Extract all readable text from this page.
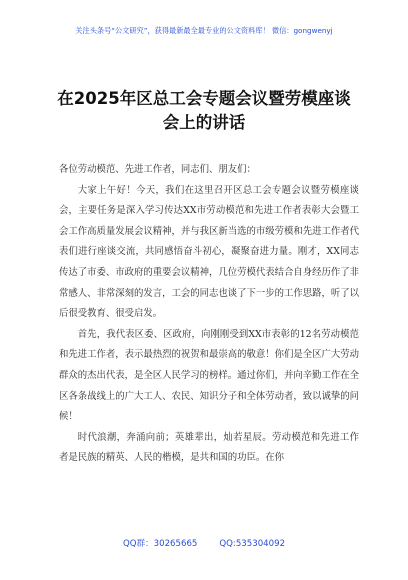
关注头条号“公文研究”，获得最新最全最专业的公文资料库！ 微信：gongwenyj
在2025年区总工会专题会议暨劳模座谈会上的讲话

各位劳动模范、先进工作者，同志们、朋友们：

大家上午好！今天，我们在这里召开区总工会专题会议暨劳模座谈会，主要任务是深入学习传达XX市劳动模范和先进工作者表彰大会暨工会工作高质量发展会议精神，并与我区新当选的市级劳模和先进工作者代表们进行座谈交流，共同感悟奋斗初心，凝聚奋进力量。刚才，XX同志传达了市委、市政府的重要会议精神，几位劳模代表结合自身经历作了非常感人、非常深刻的发言，工会的同志也谈了下一步的工作思路，听了以后很受教育、很受启发。

首先，我代表区委、区政府，向刚刚受到XX市表彰的12名劳动模范和先进工作者，表示最热烈的祝贺和最崇高的敬意！你们是全区广大劳动群众的杰出代表，是全区人民学习的榜样。通过你们，并向辛勤工作在全区各条战线上的广大工人、农民、知识分子和全体劳动者，致以诚挚的问候！

时代浪潮，奔涌向前；英雄辈出，灿若星辰。劳动模范和先进工作者是民族的精英、人民的楷模，是共和国的功臣。在你

QQ群：30265665	QQ:535304092
